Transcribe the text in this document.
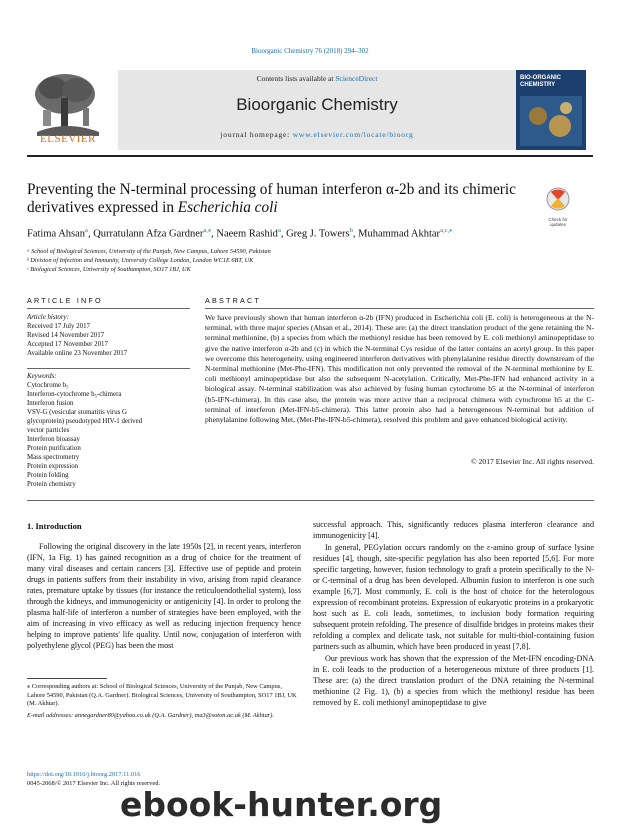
Bioorganic Chemistry 76 (2018) 294–302
ELSEVIER
Contents lists available at ScienceDirect
Bioorganic Chemistry
journal homepage: www.elsevier.com/locate/bioorg
BIO-ORGANIC CHEMISTRY
Preventing the N-terminal processing of human interferon α-2b and its chimeric derivatives expressed in Escherichia coli
Check for updates
Fatima Ahsan$^a$, Qurratulann Afza Gardner$^{a,⁎}$, Naeem Rashid$^a$, Greg J. Towers$^b$, Muhammad Akhtar$^{a,c,⁎}$
ᵃ School of Biological Sciences, University of the Punjab, New Campus, Lahore 54590, Pakistan
ᵇ Division of Infection and Immunity, University College London, London WC1E 6BT, UK
ᶜ Biological Sciences, University of Southampton, SO17 1BJ, UK
ARTICLE INFO	ABSTRACT
Article history:
Received 17 July 2017
Revised 14 November 2017
Accepted 17 November 2017
Available online 23 November 2017
Keywords:
Cytochrome b₅
Interferon-cytochrome b₅-chimera
Interferon fusion
VSV-G (vesicular stomatitis virus G
glycoprotein) pseudotyped HIV-1 derived
vector particles
Interferon bioassay
Protein purification
Mass spectrometry
Protein expression
Protein folding
Protein chemistry
We have previously shown that human interferon α-2b (IFN) produced in Escherichia coli (E. coli) is heterogeneous at the N-terminal, with three major species (Ahsan et al., 2014). These are: (a) the direct translation product of the gene retaining the N-terminal methionine, (b) a species from which the methionyl residue has been removed by E. coli methionyl aminopeptidase to give the native interferon α-2b and (c) in which the N-terminal Cys residue of the latter contains an acetyl group. In this paper we overcome this heterogeneity, using engineered interferon derivatives with phenylalanine residue directly downstream of the N-terminal methionine (Met-Phe-IFN). This modification not only prevented the removal of the N-terminal methionine by E. coli methionyl aminopeptidase but also the subsequent N-acetylation. Critically, Met-Phe-IFN had enhanced activity in a biological assay. N-terminal stabilization was also achieved by fusing human cytochrome b5 at the N-terminal of interferon (b5-IFN-chimera). In this case also, the protein was more active than a reciprocal chimera with cytochrome b5 at the C-terminal of interferon (Met-IFN-b5-chimera). This latter protein also had a heterogeneous N-terminal but addition of phenylalanine following Met, (Met-Phe-IFN-b5-chimera), resolved this problem and gave enhanced biological activity.
© 2017 Elsevier Inc. All rights reserved.
1. Introduction

Following the original discovery in the late 1950s [2], in recent years, interferon (IFN, 1a Fig. 1) has gained recognition as a drug of choice for the treatment of many viral diseases and certain cancers [3]. Effective use of peptide and protein drugs in patients suffers from their instability in vivo, arising from rapid clearance rates, premature uptake by tissues (for instance the reticuloendothelial system), loss through the kidneys, and immunogenicity or antigenicity [4]. In order to prolong the plasma half-life of interferon a number of strategies have been employed, with the aim of increasing in vivo efficacy as well as reducing injection frequency hence helping to improve patients' life quality. Until now, conjugation of interferon with polyethylene glycol (PEG) has been the most

successful approach. This, significantly reduces plasma interferon clearance and immunogenicity [4].

In general, PEGylation occurs randomly on the ε-amino group of surface lysine residues [4], though, site-specific pegylation has also been reported [5,6]. For more specific targeting, however, fusion technology to graft a protein specifically to the N- or C-terminal of a drug has been developed. Albumin fusion to interferon is one such example [6,7]. Most commonly, E. coli is the host of choice for the heterologous expression of recombinant proteins. Expression of eukaryotic proteins in a prokaryotic host such as E. coli leads, sometimes, to inclusion body formation requiring subsequent protein refolding. The presence of disulfide bridges in proteins makes their refolding a complex and delicate task, not suitable for multi-thiol-containing fusion partners such as albumin, which have been produced in yeast [7,8].

Our previous work has shown that the expression of the Met-IFN encoding-DNA in E. coli leads to the production of a heterogeneous mixture of three products [1]. These are: (a) the direct translation product of the DNA retaining the N-terminal methionine (2 Fig. 1), (b) a species from which the methionyl residue has been removed by E. coli methionyl aminopeptidase to give

⁎ Corresponding authors at: School of Biological Sciences, University of the Punjab, New Campus, Lahore 54590, Pakistan (Q.A. Gardner). Biological Sciences, University of Southampton, SO17 1BJ, UK (M. Akhtar).
E-mail addresses: annegardner80@yahoo.co.uk (Q.A. Gardner), ma3@soton.ac.uk (M. Akhtar).
https://doi.org/10.1016/j.bioorg.2017.11.016
0045-2068/© 2017 Elsevier Inc. All rights reserved.
ebook-hunter.org
